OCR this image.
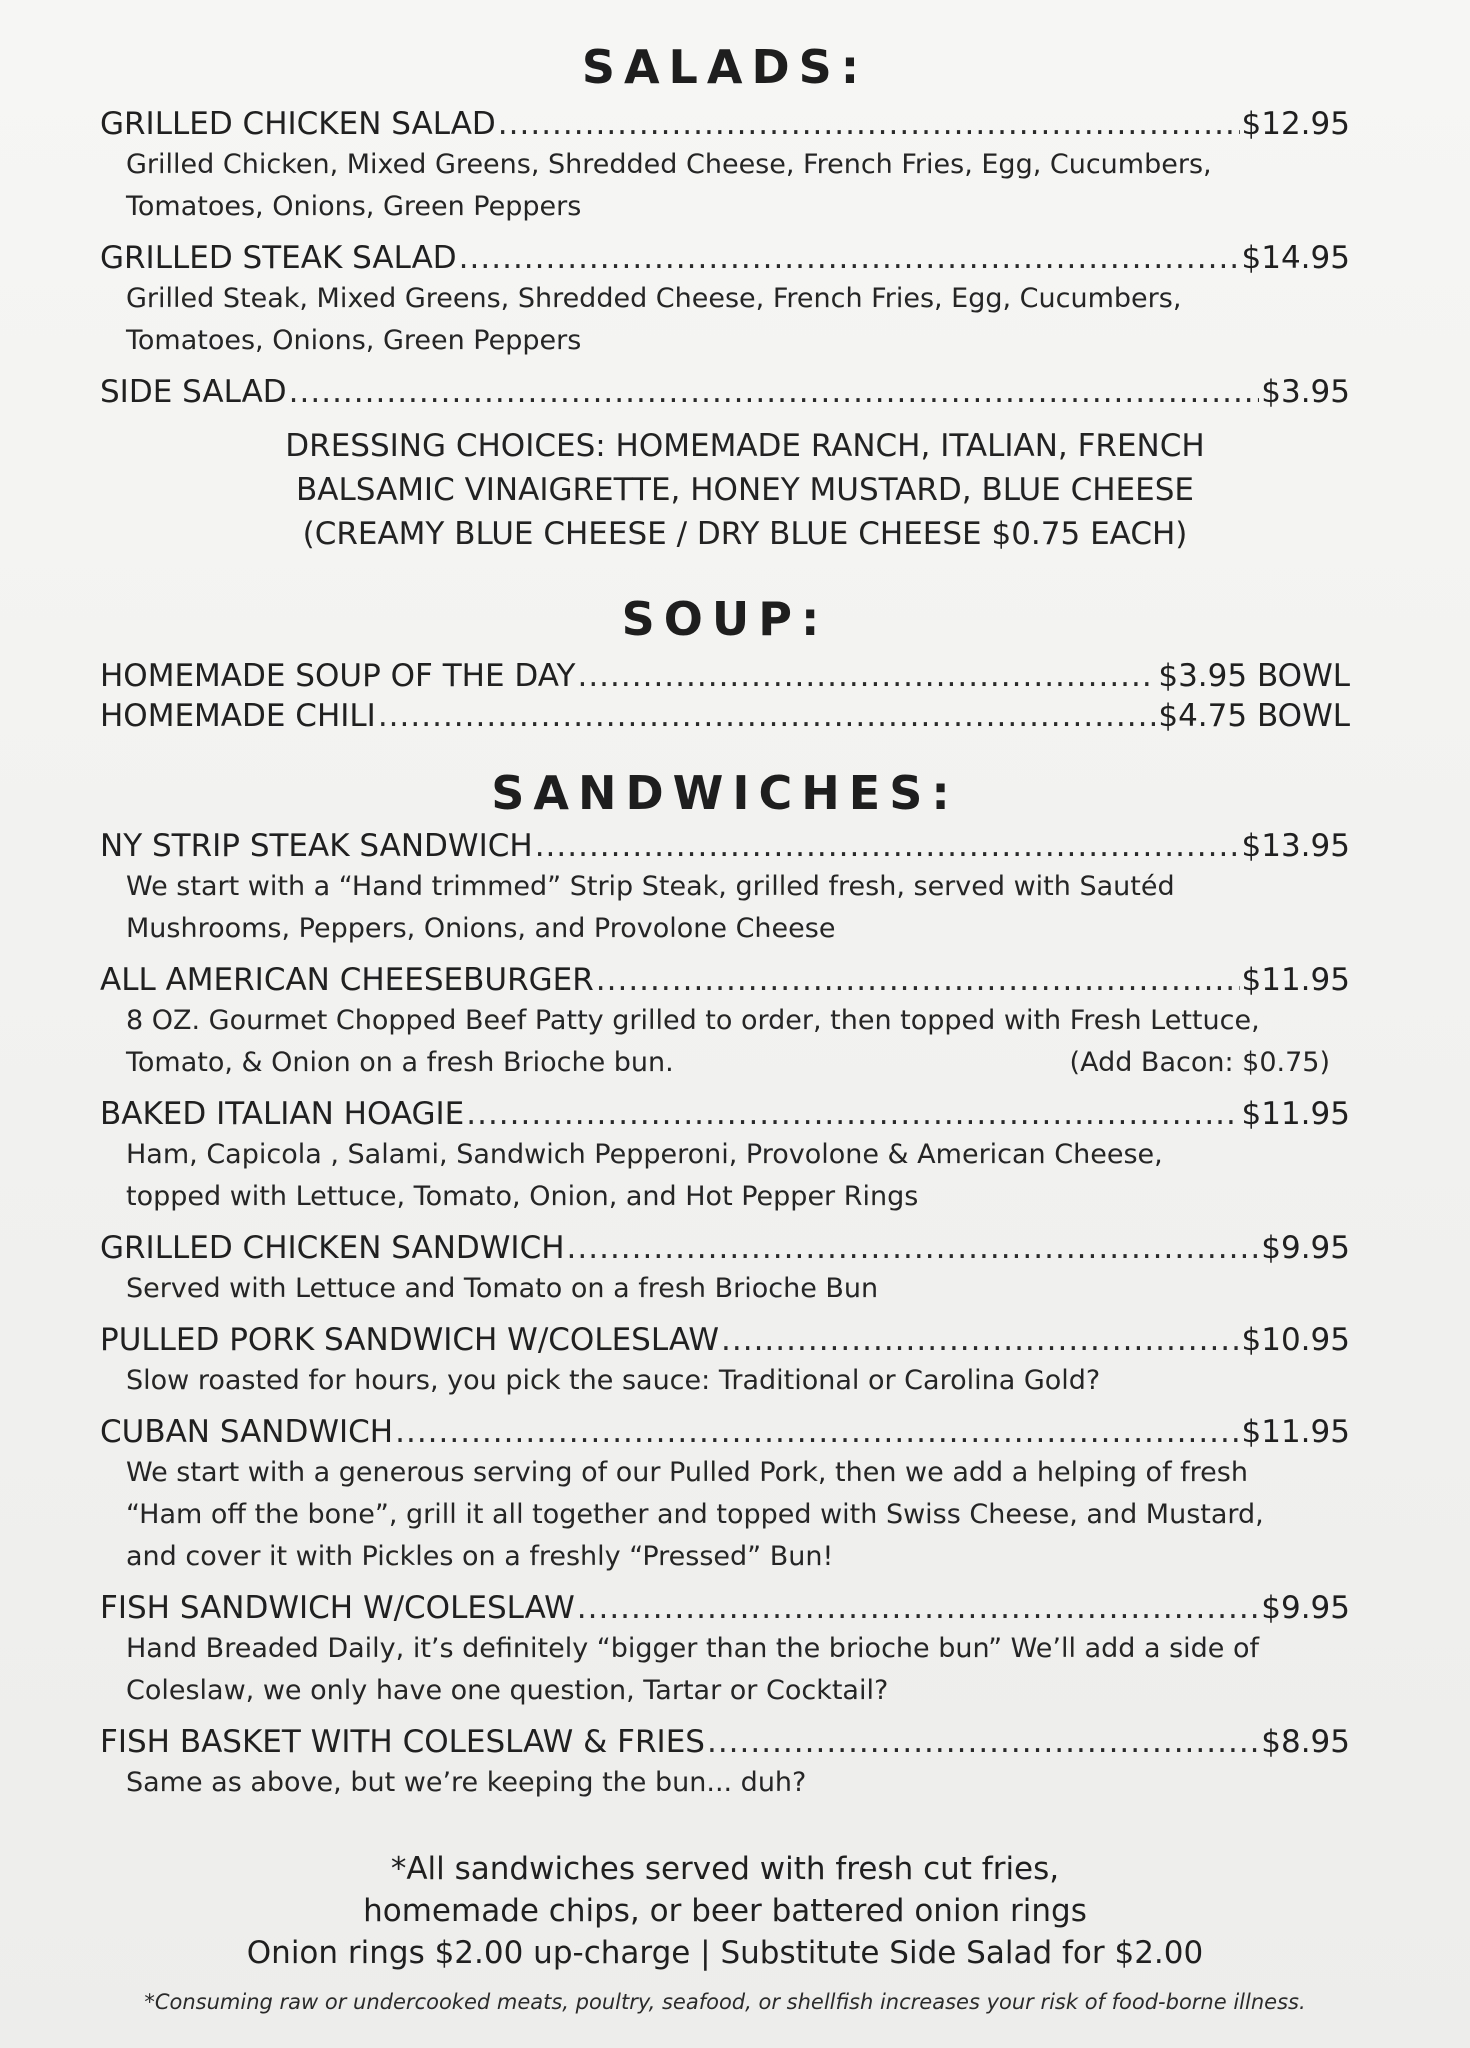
SALADS:
GRILLED CHICKEN SALAD .....	$12.95

Grilled Chicken, Mixed Greens, Shredded Cheese, French Fries, Egg, Cucumbers,

Tomatoes, Onions, Green Peppers

GRILLED STEAK SALAD .....	$14.95

Grilled Steak, Mixed Greens, Shredded Cheese, French Fries, Egg, Cucumbers,

Tomatoes, Onions, Green Peppers

SIDE SALAD .....	$3.95
DRESSING CHOICES: HOMEMADE RANCH, ITALIAN, FRENCH
BALSAMIC VINAIGRETTE, HONEY MUSTARD, BLUE CHEESE
(CREAMY BLUE CHEESE / DRY BLUE CHEESE $0.75 EACH)
SOUP:
HOMEMADE SOUP OF THE DAY .....	$3.95 BOWL
HOMEMADE CHILI .....	$4.75 BOWL
SANDWICHES:
NY STRIP STEAK SANDWICH .....	$13.95

We start with a “Hand trimmed” Strip Steak, grilled fresh, served with Sautéd

Mushrooms, Peppers, Onions, and Provolone Cheese

ALL AMERICAN CHEESEBURGER .....	$11.95

8 OZ. Gourmet Chopped Beef Patty grilled to order, then topped with Fresh Lettuce,

Tomato, & Onion on a fresh Brioche bun.	(Add Bacon: $0.75)
BAKED ITALIAN HOAGIE .....	$11.95

Ham, Capicola , Salami, Sandwich Pepperoni, Provolone & American Cheese,

topped with Lettuce, Tomato, Onion, and Hot Pepper Rings

GRILLED CHICKEN SANDWICH .....	$9.95

Served with Lettuce and Tomato on a fresh Brioche Bun

PULLED PORK SANDWICH W/COLESLAW .....	$10.95

Slow roasted for hours, you pick the sauce: Traditional or Carolina Gold?

CUBAN SANDWICH .....	$11.95

We start with a generous serving of our Pulled Pork, then we add a helping of fresh

“Ham off the bone”, grill it all together and topped with Swiss Cheese, and Mustard,

and cover it with Pickles on a freshly “Pressed” Bun!

FISH SANDWICH W/COLESLAW .....	$9.95

Hand Breaded Daily, it’s definitely “bigger than the brioche bun” We’ll add a side of

Coleslaw, we only have one question, Tartar or Cocktail?

FISH BASKET WITH COLESLAW & FRIES .....	$8.95

Same as above, but we’re keeping the bun... duh?

*All sandwiches served with fresh cut fries,
homemade chips, or beer battered onion rings
Onion rings $2.00 up-charge | Substitute Side Salad for $2.00
*Consuming raw or undercooked meats, poultry, seafood, or shellfish increases your risk of food-borne illness.
